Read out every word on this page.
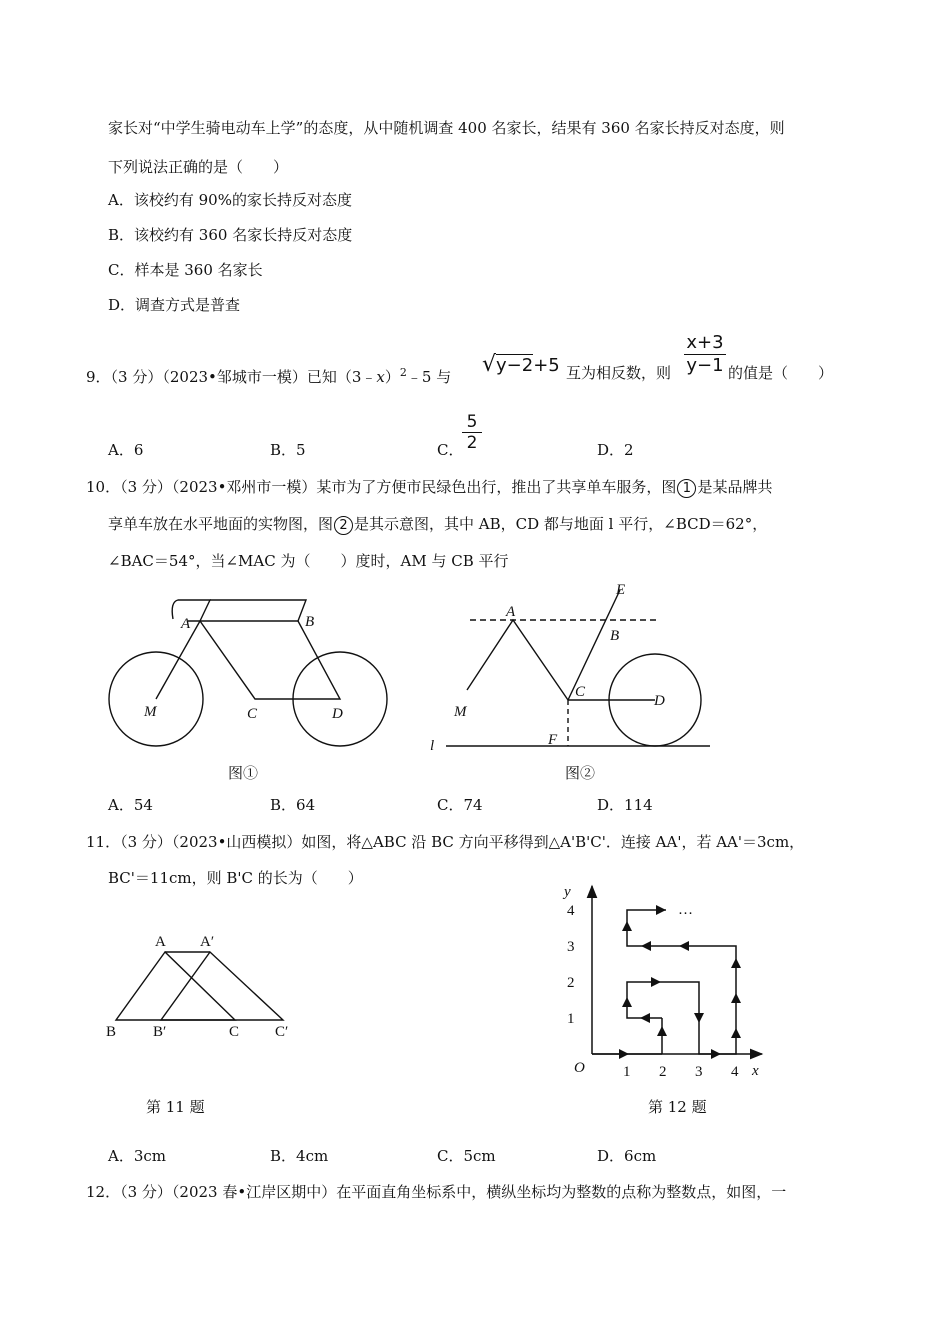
家长对“中学生骑电动车上学”的态度，从中随机调查 400 名家长，结果有 360 名家长持反对态度，则
下列说法正确的是（　　）
A．该校约有 90%的家长持反对态度
B．该校约有 360 名家长持反对态度
C．样本是 360 名家长
D．调查方式是普查
9．（3 分）（2023•邹城市一模）已知（3﹣x）$^2$﹣5 与 √y−2+5 互为相反数，则
x+3
y−1 的值是（　　）
A．6	B．5	C．
5
2	D．2
10．（3 分）（2023•邓州市一模）某市为了方便市民绿色出行，推出了共享单车服务，图 1 是某品牌共
享单车放在水平地面的实物图，图 2 是其示意图，其中 AB，CD 都与地面 l 平行，∠BCD＝62°，
∠BAC＝54°，当∠MAC 为（　　）度时，AM 与 CB 平行
A	B
M	C	D
图①
E
A
B
C
D
M
F
l
图②
A．54	B．64	C．74	D．114
11．（3 分）（2023•山西模拟）如图，将△ABC 沿 BC 方向平移得到△A'B'C'．连接 AA'，若 AA'＝3cm，
BC'＝11cm，则 B'C 的长为（　　）
A A′
B B′	C C′
第 11 题
y
x
O	1 2 3 4
1
2
3
4	…
第 12 题
A．3cm	B．4cm	C．5cm	D．6cm
12．（3 分）（2023 春•江岸区期中）在平面直角坐标系中，横纵坐标均为整数的点称为整数点，如图，一
